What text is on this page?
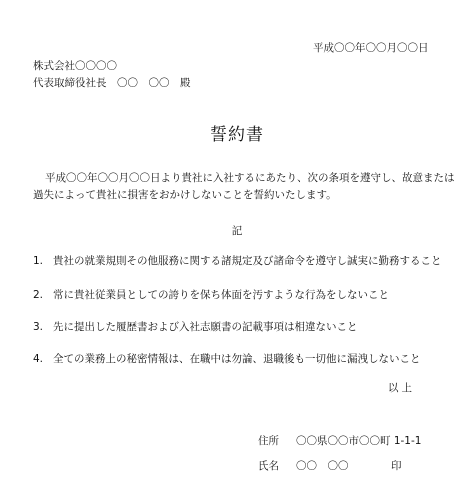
平成〇〇年〇〇月〇〇日
株式会社〇〇〇〇
代表取締役社長　〇〇　〇〇　殿
誓約書
平成〇〇年〇〇月〇〇日より貴社に入社するにあたり、次の条項を遵守し、故意または
過失によって貴社に損害をおかけしないことを誓約いたします。
記
1. 貴社の就業規則その他服務に関する諸規定及び諸命令を遵守し誠実に勤務すること
2. 常に貴社従業員としての誇りを保ち体面を汚すような行為をしないこと
3. 先に提出した履歴書および入社志願書の記載事項は相違ないこと
4. 全ての業務上の秘密情報は、在職中は勿論、退職後も一切他に漏洩しないこと
以上
住所 〇〇県〇〇市〇〇町 1-1-1
氏名 〇〇　〇〇	印
